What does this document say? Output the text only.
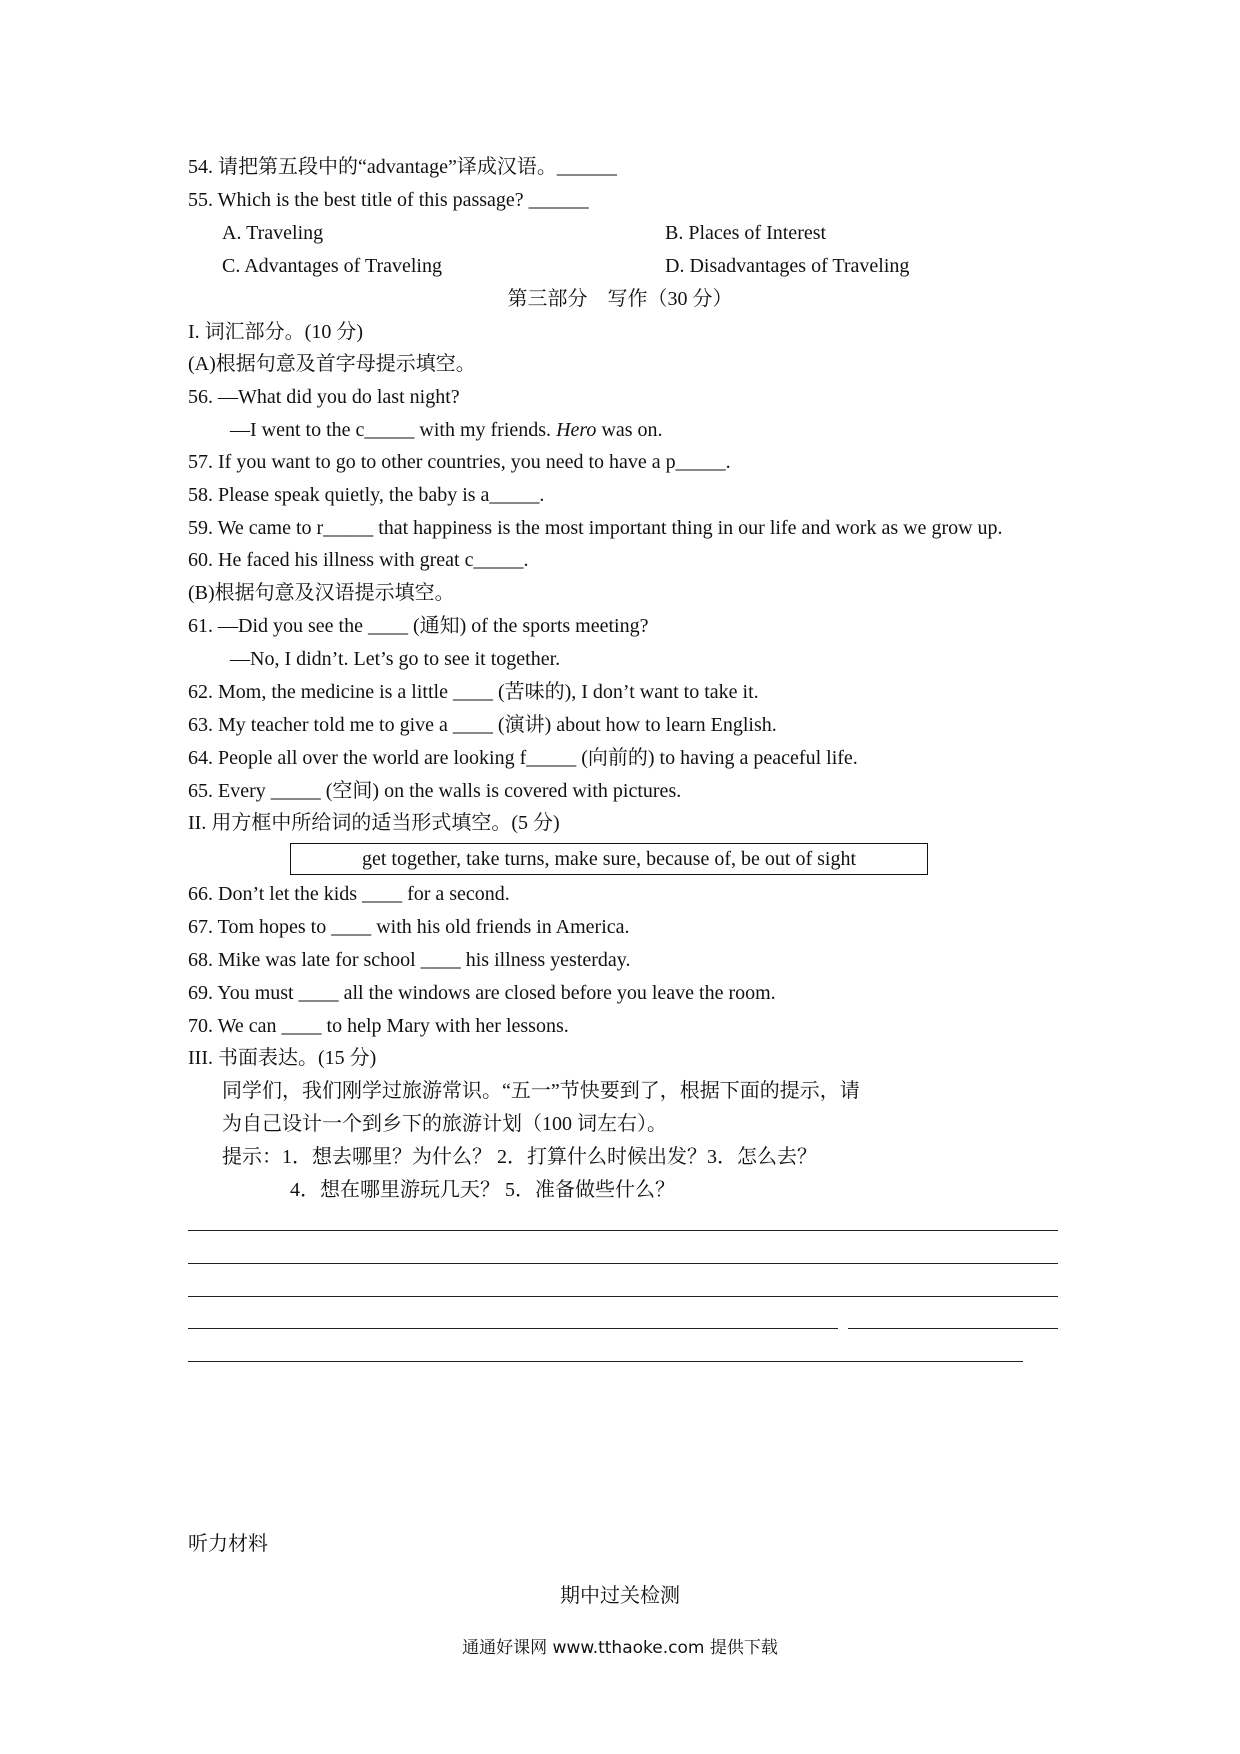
54. 请把第五段中的“advantage”译成汉语。______
55. Which is the best title of this passage? ______
A. Traveling	B. Places of Interest
C. Advantages of Traveling	D. Disadvantages of Traveling
第三部分　写作（30 分）
I. 词汇部分。(10 分)
(A)根据句意及首字母提示填空。
56. —What did you do last night?
—I went to the c_____ with my friends. Hero was on.
57. If you want to go to other countries, you need to have a p_____.
58. Please speak quietly, the baby is a_____.
59. We came to r_____ that happiness is the most important thing in our life and work as we grow up.
60. He faced his illness with great c_____.
(B)根据句意及汉语提示填空。
61. —Did you see the ____ (通知) of the sports meeting?
—No, I didn’t. Let’s go to see it together.
62. Mom, the medicine is a little ____ (苦味的), I don’t want to take it.
63. My teacher told me to give a ____ (演讲) about how to learn English.
64. People all over the world are looking f_____ (向前的) to having a peaceful life.
65. Every _____ (空间) on the walls is covered with pictures.
II. 用方框中所给词的适当形式填空。(5 分)
get together, take turns, make sure, because of, be out of sight
66. Don’t let the kids ____ for a second.
67. Tom hopes to ____ with his old friends in America.
68. Mike was late for school ____ his illness yesterday.
69. You must ____ all the windows are closed before you leave the room.
70. We can ____ to help Mary with her lessons.
III. 书面表达。(15 分)
同学们，我们刚学过旅游常识。“五一”节快要到了，根据下面的提示，请
为自己设计一个到乡下的旅游计划（100 词左右）。
提示：1．想去哪里？为什么？ 2．打算什么时候出发？3．怎么去？
4．想在哪里游玩几天？ 5．准备做些什么？
听力材料
期中过关检测
通通好课网 www.tthaoke.com 提供下载
